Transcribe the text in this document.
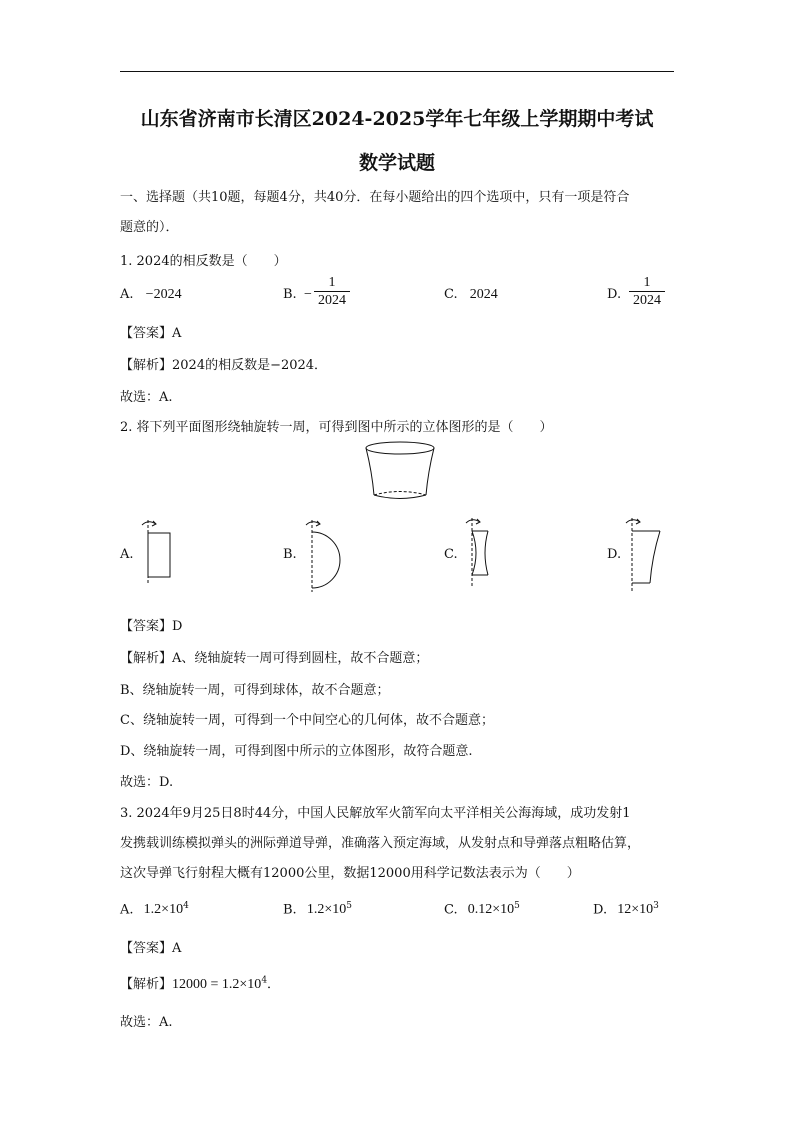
山东省济南市长清区2024-2025学年七年级上学期期中考试
数学试题
一、选择题（共10题，每题4分，共40分．在每小题给出的四个选项中，只有一项是符合
题意的）．
1. 2024的相反数是（　　）
A. −2024	B. −
1
2024	C. 2024	D.
1
2024
【答案】A
【解析】2024的相反数是−2024．
故选：A.
2. 将下列平面图形绕轴旋转一周，可得到图中所示的立体图形的是（　　）
A.	B.	C.	D.
【答案】D
【解析】A、绕轴旋转一周可得到圆柱，故不合题意；
B、绕轴旋转一周，可得到球体，故不合题意；
C、绕轴旋转一周，可得到一个中间空心的几何体，故不合题意；
D、绕轴旋转一周，可得到图中所示的立体图形，故符合题意.
故选：D.
3. 2024年9月25日8时44分，中国人民解放军火箭军向太平洋相关公海海域，成功发射1
发携载训练模拟弹头的洲际弹道导弹，准确落入预定海域，从发射点和导弹落点粗略估算，
这次导弹飞行射程大概有12000公里，数据12000用科学记数法表示为（　　）
A. $1.2\times 10^4$	B. $1.2\times 10^5$	C. $0.12\times 10^5$	D. $12\times 10^3$
【答案】A
【解析】$12000 = 1.2\times 10^4$．
故选：A.
